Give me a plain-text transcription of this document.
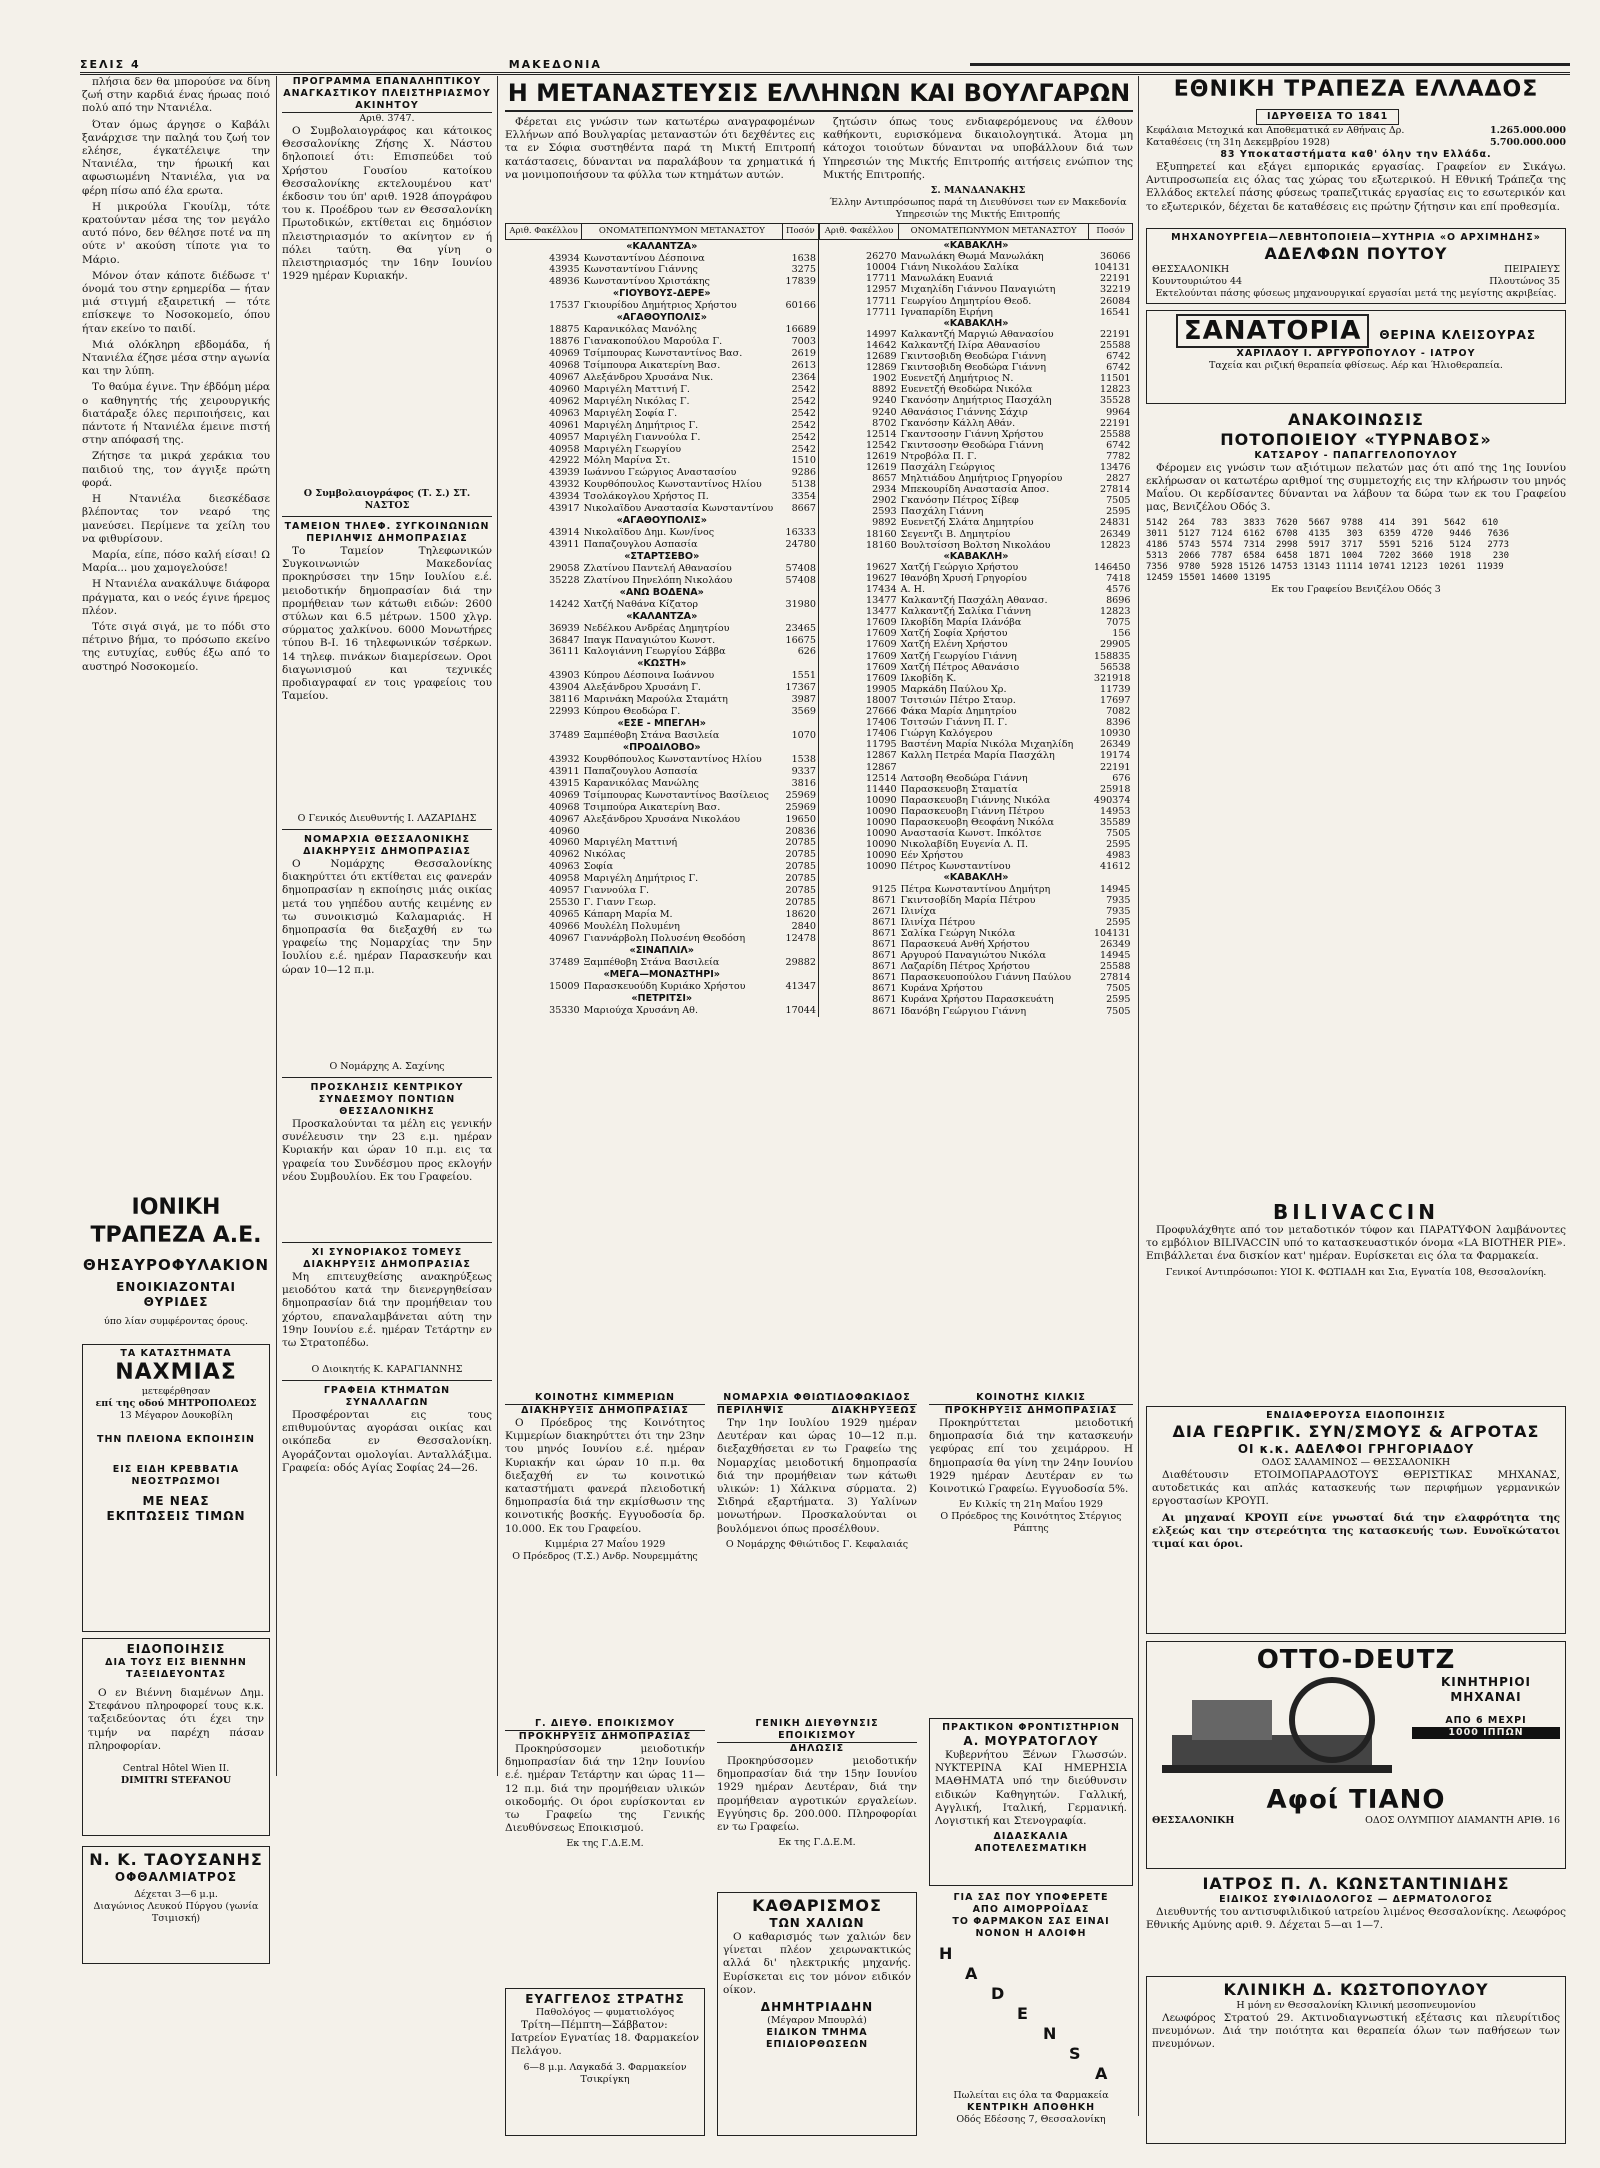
ΣΕΛΙΣ 4	ΜΑΚΕΔΟΝΙΑ

πλήσια δεν θα μπορούσε να δίνη ζωή στην καρδιά ένας ήρωας ποιό πολύ από την Ντανιέλα.

Όταν όμως άργησε ο Καβάλι ξανάρχισε την παληά του ζωή τον ελέησε, έγκατέλειψε την Ντανιέλα, την ήρωική και αφωσιωμένη Ντανιέλα, για να φέρη πίσω από έλα ερωτα.

Η μικρούλα Γκουίλμ, τότε κρατούνταν μέσα της τον μεγάλο αυτό πόνο, δεν θέλησε ποτέ να πη ούτε ν' ακούση τίποτε για το Μάριο.

Μόνον όταν κάποτε διέδωσε τ' όνομά του στην ερημερίδα — ήταν μιά στιγμή εξαιρετική — τότε επίσκεψε το Νοσοκομείο, όπου ήταν εκείνο το παιδί.

Μιά ολόκληρη εβδομάδα, ή Ντανιέλα έζησε μέσα στην αγωνία και την λύπη.

Το θαύμα έγινε. Την έβδόμη μέρα ο καθηγητής τής χειρουργικής διατάραξε όλες περιποιήσεις, και πάντοτε ή Ντανιέλα έμεινε πιστή στην απόφασή της.

Ζήτησε τα μικρά χεράκια του παιδιού της, τον άγγιξε πρώτη φορά.

Η Ντανιέλα διεσκέδασε βλέποντας τον νεαρό της μανεύσει. Περίμενε τα χείλη του να φιθυρίσουν.

Μαρία, είπε, πόσο καλή είσαι! Ω Μαρία... μου χαμογελούσε!

Η Ντανιέλα ανακάλυψε διάφορα πράγματα, και ο νεός έγινε ήρεμος πλέον.

Τότε σιγά σιγά, με το πόδι στο πέτρινο βήμα, το πρόσωπο εκείνο της ευτυχίας, ευθύς έξω από το αυστηρό Νοσοκομείο.

ΙΟΝΙΚΗ ΤΡΑΠΕΖΑ Α.Ε.
ΘΗΣΑΥΡΟΦΥΛΑΚΙΟΝ
ΕΝΟΙΚΙΑΖΟΝΤΑΙ ΘΥΡΙΔΕΣ
ύπο λίαν συμφέροντας όρους.
ΤΑ ΚΑΤΑΣΤΗΜΑΤΑ
ΝΑΧΜΙΑΣ
μετεφέρθησαν
επί της οδού ΜΗΤΡΟΠΟΛΕΩΣ
13 Μέγαρον Δουκοβίλη
ΤΗΝ ΠΛΕΙΟΝΑ ΕΚΠΟΙΗΣΙΝ
ΕΙΣ ΕΙΔΗ ΚΡΕΒΒΑΤΙΑ ΝΕΟΣΤΡΩΣΜΟΙ
ΜΕ ΝΕΑΣ
ΕΚΠΤΩΣΕΙΣ ΤΙΜΩΝ
ΕΙΔΟΠΟΙΗΣΙΣ
ΔΙΑ ΤΟΥΣ ΕΙΣ ΒΙΕΝΝΗΝ ΤΑΞΕΙΔΕΥΟΝΤΑΣ

Ο εν Βιέννη διαμένων Δημ. Στεφάνου πληροφορεί τους κ.κ. ταξειδεύοντας ότι έχει την τιμήν να παρέχη πάσαν πληροφορίαν.

Central Hôtel Wien II.
DIMITRI STEFANOU
Ν. Κ. ΤΑΟΥΣΑΝΗΣ
ΟΦΘΑΛΜΙΑΤΡΟΣ
Δέχεται 3—6 μ.μ.
Διαγώνιος Λευκού Πύργου (γωνία Τσιμισκή)
ΠΡΟΓΡΑΜΜΑ ΕΠΑΝΑΛΗΠΤΙΚΟΥ ΑΝΑΓΚΑΣΤΙΚΟΥ ΠΛΕΙΣΤΗΡΙΑΣΜΟΥ ΑΚΙΝΗΤΟΥ
Αριθ. 3747.

Ο Συμβολαιογράφος και κάτοικος Θεσσαλονίκης Ζήσης Χ. Νάστου δηλοποιεί ότι: Επισπεύδει τού Χρήστου Γουσίου κατοίκου Θεσσαλονίκης εκτελουμένου κατ' έκδοσιν του ύπ' αριθ. 1928 άπογράφου του κ. Προέδρου των εν Θεσσαλονίκη Πρωτοδικών, εκτίθεται εις δημόσιον πλειστηριασμόν το ακίνητον εν ή πόλει ταύτη. Θα γίνη ο πλειστηριασμός την 16ην Ιουνίου 1929 ημέραν Κυριακήν.

Ο Συμβολαιογράφος (Τ. Σ.) ΣΤ. ΝΑΣΤΟΣ
ΤΑΜΕΙΟΝ ΤΗΛΕΦ. ΣΥΓΚΟΙΝΩΝΙΩΝ
ΠΕΡΙΛΗΨΙΣ ΔΗΜΟΠΡΑΣΙΑΣ

Το Ταμείον Τηλεφωνικών Συγκοινωνιών Μακεδονίας προκηρύσσει την 15ην Ιουλίου ε.έ. μειοδοτικήν δημοπρασίαν διά την προμήθειαν των κάτωθι ειδών: 2600 στύλων και 6.5 μέτρων. 1500 χλγρ. σύρματος χαλκίνου. 6000 Μονωτήρες τύπου Β-Ι. 16 τηλεφωνικών τσέρκων. 14 τηλεφ. πινάκων διαμερίσεων. Οροι διαγωνισμού και τεχνικές προδιαγραφαί εν τοις γραφείοις του Ταμείου.

Ο Γενικός Διευθυντής Ι. ΛΑΖΑΡΙΔΗΣ
ΝΟΜΑΡΧΙΑ ΘΕΣΣΑΛΟΝΙΚΗΣ
ΔΙΑΚΗΡΥΞΙΣ ΔΗΜΟΠΡΑΣΙΑΣ

Ο Νομάρχης Θεσσαλονίκης διακηρύττει ότι εκτίθεται εις φανεράν δημοπρασίαν η εκποίησις μιάς οικίας μετά του γηπέδου αυτής κειμένης εν τω συνοικισμώ Καλαμαριάς. Η δημοπρασία θα διεξαχθή εν τω γραφείω της Νομαρχίας την 5ην Ιουλίου ε.έ. ημέραν Παρασκευήν και ώραν 10—12 π.μ.

Ο Νομάρχης Α. Σαχίνης
ΠΡΟΣΚΛΗΣΙΣ ΚΕΝΤΡΙΚΟΥ ΣΥΝΔΕΣΜΟΥ ΠΟΝΤΙΩΝ ΘΕΣΣΑΛΟΝΙΚΗΣ

Προσκαλούνται τα μέλη εις γενικήν συνέλευσιν την 23 ε.μ. ημέραν Κυριακήν και ώραν 10 π.μ. εις τα γραφεία του Συνδέσμου προς εκλογήν νέου Συμβουλίου. Εκ του Γραφείου.

ΧΙ ΣΥΝΟΡΙΑΚΟΣ ΤΟΜΕΥΣ
ΔΙΑΚΗΡΥΞΙΣ ΔΗΜΟΠΡΑΣΙΑΣ

Μη επιτευχθείσης ανακηρύξεως μειοδότου κατά την διενεργηθείσαν δημοπρασίαν διά την προμήθειαν του χόρτου, επαναλαμβάνεται αύτη την 19ην Ιουνίου ε.έ. ημέραν Τετάρτην εν τω Στρατοπέδω.

Ο Διοικητής Κ. ΚΑΡΑΓΙΑΝΝΗΣ
ΓΡΑΦΕΙΑ ΚΤΗΜΑΤΩΝ ΣΥΝΑΛΛΑΓΩΝ

Προσφέρονται εις τους επιθυμούντας αγοράσαι οικίας και οικόπεδα εν Θεσσαλονίκη. Αγοράζονται ομολογίαι. Ανταλλάξιμα. Γραφεία: οδός Αγίας Σοφίας 24—26.

Η ΜΕΤΑΝΑΣΤΕΥΣΙΣ ΕΛΛΗΝΩΝ ΚΑΙ ΒΟΥΛΓΑΡΩΝ

Φέρεται εις γνώσιν των κατωτέρω αναγραφομένων Ελλήνων από Βουλγαρίας μεταναστών ότι δεχθέντες εις τα εν Σόφια συστηθέντα παρά τη Μικτή Επιτροπή κατάστασεις, δύνανται να παραλάβουν τα χρηματικά ή να μονιμοποιήσουν τα φύλλα των κτημάτων αυτών.

ζητώσιν όπως τους ενδιαφερόμενους να έλθουν καθήκοντι, ευρισκόμενα δικαιολογητικά. Άτομα μη κάτοχοι τοιούτων δύνανται να υποβάλλουν διά των Υπηρεσιών της Μικτής Επιτροπής αιτήσεις ενώπιον της Μικτής Επιτροπής.

Σ. ΜΑΝΔΑΝΑΚΗΣ
Έλλην Αντιπρόσωπος παρά τη Διευθύνσει των εν Μακεδονία Υπηρεσιών της Μικτής Επιτροπής
Αριθ. Φακέλλου	ΟΝΟΜΑΤΕΠΩΝΥΜΟΝ ΜΕΤΑΝΑΣΤΟΥ	Ποσόν
«ΚΑΛΑΝΤΖΑ»		
43934	Κωνσταντίνου Δέσποινα	1638
43935	Κωνσταντίνου Γιάννης	3275
48936	Κωνσταντίνου Χριστάκης	17839
«ΓΙΟΥΒΟΥΣ-ΔΕΡΕ»		
17537	Γκιουρίδου Δημήτριος Χρήστου	60166
«ΑΓΑΘΟΥΠΟΛΙΣ»		
18875	Καρανικόλας Μανόλης	16689
18876	Γιανακοπούλου Μαρούλα Γ.	7003
40969	Τσίμπουρας Κωνσταντίνος Βασ.	2619
40968	Τσίμπουρα Αικατερίνη Βασ.	2613
40967	Αλεξάνδρου Χρυσάνα Νικ.	2364
40960	Μαριγέλη Ματτινή Γ.	2542
40962	Μαριγέλη Νικόλας Γ.	2542
40963	Μαριγέλη Σοφία Γ.	2542
40961	Μαριγέλη Δημήτριος Γ.	2542
40957	Μαριγέλη Γιαννούλα Γ.	2542
40958	Μαριγέλη Γεωργίου	2542
42922	Μόλη Μαρίνα Στ.	1510
43939	Ιωάννου Γεώργιος Αναστασίου	9286
43932	Κουρθόπουλος Κωνσταντίνος Ηλίου	5138
43934	Τσολάκογλου Χρήστος Π.	3354
43917	Νικολαΐδου Αναστασία Κωνσταντίνου	8667
«ΑΓΑΘΟΥΠΟΛΙΣ»		
43914	Νικολαΐδου Δημ. Κων/ίνος	16333
43911	Παπαζουγλου Ασπασία	24780
«ΣΤΑΡΤΣΕΒΟ»		
29058	Ζλατίνου Παντελή Αθανασίου	57408
35228	Ζλατίνου Πηνελόπη Νικολάου	57408
«ΑΝΩ ΒΟΔΕΝΑ»		
14242	Χατζή Ναθάνα Κίζατορ	31980
«ΚΑΛΑΝΤΖΑ»		
36939	Νεδέλκου Ανδρέας Δημητρίου	23465
36847	Ιπαγκ Παναγιώτου Κωνστ.	16675
36111	Καλογιάννη Γεωργίου Σάββα	626
«ΚΩΣΤΗ»		
43903	Κύπρου Δέσποινα Ιωάννου	1551
43904	Αλεξάνδρου Χρυσάνη Γ.	17367
38116	Μαρινάκη Μαρούλα Σταμάτη	3987
22993	Κύπρου Θεοδώρα Γ.	3569
«ΕΣΕ - ΜΠΕΓΛΗ»		
37489	Ξαμπέθοβη Στάνα Βασιλεία	1070
«ΠΡΟΔΙΛΟΒΟ»		
43932	Κουρθόπουλος Κωνσταντίνος Ηλίου	1538
43911	Παπαζουγλου Ασπασία	9337
43915	Καρανικόλας Μανώλης	3816
40969	Τσίμπουρας Κωνσταντίνος Βασίλειος	25969
40968	Τσιμπούρα Αικατερίνη Βασ.	25969
40967	Αλεξάνδρου Χρυσάνα Νικολάου	19650
40960		20836
40960	Μαριγέλη Ματτινή	20785
40962	Νικόλας	20785
40963	Σοφία	20785
40958	Μαριγέλη Δημήτριος Γ.	20785
40957	Γιαννούλα Γ.	20785
25530	Γ. Γιανν Γεωρ.	20785
40965	Κάπαρη Μαρία Μ.	18620
40966	Μουλέλη Πολυμένη	2840
40967	Γιαννάρβολη Πολυσένη Θεοδόση	12478
«ΣΙΝΑΠΛΙΛ»		
37489	Ξαμπέθοβη Στάνα Βασιλεία	29882
«ΜΕΓΑ—ΜΟΝΑΣΤΗΡΙ»		
15009	Παρασκευούδη Κυριάκο Χρήστου	41347
«ΠΕΤΡΙΤΣΙ»		
35330	Μαριούχα Χρυσάνη Αθ.	17044
Αριθ. Φακέλλου	ΟΝΟΜΑΤΕΠΩΝΥΜΟΝ ΜΕΤΑΝΑΣΤΟΥ	Ποσόν
«ΚΑΒΑΚΛΗ»		
26270	Μανωλάκη Θωμά Μανωλάκη	36066
10004	Γιάνη Νικολάου Σαλίκα	104131
17711	Μανωλάκη Ευανιά	22191
12957	Μιχαηλίδη Γιάννου Παναγιώτη	32219
17711	Γεωργίου Δημητρίου Θεοδ.	26084
17711	Ιγναπαρίδη Ειρήνη	16541
«ΚΑΒΑΚΛΗ»		
14997	Καλκαντζή Μαργιώ Αθανασίου	22191
14642	Καλκαντζή Ιλίρα Αθανασίου	25588
12689	Γκιντσοβιδη Θεοδώρα Γιάννη	6742
12869	Γκιντσοβιδη Θεοδώρα Γιάννη	6742
1902	Ευενετζή Δημήτριος Ν.	11501
8892	Ευενετζή Θεοδώρα Νικόλα	12823
9240	Γκανόσην Δημήτριος Πασχάλη	35528
9240	Αθανάσιος Γιάννης Σάχιρ	9964
8702	Γκανόσην Κάλλη Αθάν.	22191
12514	Γκαντσοσην Γιάννη Χρήστου	25588
12542	Γκιντσοσην Θεοδώρα Γιάννη	6742
12619	Ντροβόλα Π. Γ.	7782
12619	Πασχάλη Γεώργιος	13476
8657	Μηλτιάδου Δημήτριος Γρηγορίου	2827
2934	Μπεκουρίδη Αναστασία Αποσ.	27814
2902	Γκανόσην Πέτρος Σίβεφ	7505
2593	Πασχάλη Γιάννη	2595
9892	Ευενετζή Σλάτα Δημητρίου	24831
18160	Σεγεντζι Β. Δημητρίου	26349
18160	Βουλτσίσση Βολτση Νικολάου	12823
«ΚΑΒΑΚΛΗ»		
19627	Χατζή Γεώργιο Χρήστου	146450
19627	Ιθανόβη Χρυσή Γρηγορίου	7418
17434	Α. Η.	4576
13477	Καλκαντζή Πασχάλη Αθανασ.	8696
13477	Καλκαντζή Σαλίκα Γιάννη	12823
17609	Ιλκοβίδη Μαρία Ιλάνόβα	7075
17609	Χατζή Σοφία Χρήστου	156
17609	Χατζή Ελένη Χρήστου	29905
17609	Χατζή Γεωργίου Γιάννη	158835
17609	Χατζή Πέτρος Αθανάσιο	56538
17609	Ιλκοβίδη Κ.	321918
19905	Μαρκάδη Παύλου Χρ.	11739
18007	Τσιτσιών Πέτρο Σταυρ.	17697
27666	Φάκα Μαρία Δημητρίου	7082
17406	Τσιτσών Γιάννη Π. Γ.	8396
17406	Γιώργη Καλόγερου	10930
11795	Βαστένη Μαρία Νικόλα Μιχαηλίδη	26349
12867	Καλλη Πετρέα Μαρία Πασχάλη	19174
12867		22191
12514	Λατσοβη Θεοδώρα Γιάννη	676
11440	Παρασκευοβη Σταματία	25918
10090	Παρασκευοβη Γιάννης Νικόλα	490374
10090	Παρασκευοβη Γιάννη Πέτρου	14953
10090	Παρασκευοβη Θεοφάνη Νικόλα	35589
10090	Αναστασία Κωνστ. Ιπκόλτσε	7505
10090	Νικολαβίδη Ευγενία Λ. Π.	2595
10090	Εέν Χρήστου	4983
10090	Πέτρος Κωνσταντίνου	41612
«ΚΑΒΑΚΛΗ»		
9125	Πέτρα Κωνσταντίνου Δημήτρη	14945
8671	Γκιντσοβίδη Μαρία Πέτρου	7935
2671	Ιλινίχα	7935
8671	Ιλινίχα Πέτρου	2595
8671	Σαλίκα Γεώργη Νικόλα	104131
8671	Παρασκευά Ανθή Χρήστου	26349
8671	Αργυρού Παναγιώτου Νικόλα	14945
8671	Λαζαρίδη Πέτρος Χρήστου	25588
8671	Παρασκευοπούλου Γιάννη Παύλου	27814
8671	Κυράνα Χρήστου	7505
8671	Κυράνα Χρήστου Παρασκευάτη	2595
8671	Ιδανόβη Γεώργιου Γιάννη	7505
ΚΟΙΝΟΤΗΣ ΚΙΜΜΕΡΙΩΝ
ΔΙΑΚΗΡΥΞΙΣ ΔΗΜΟΠΡΑΣΙΑΣ

Ο Πρόεδρος της Κοινότητος Κιμμερίων διακηρύττει ότι την 23ην του μηνός Ιουνίου ε.έ. ημέραν Κυριακήν και ώραν 10 π.μ. θα διεξαχθή εν τω κοινοτικώ καταστήματι φανερά πλειοδοτική δημοπρασία διά την εκμίσθωσιν της κοινοτικής βοσκής. Εγγυοδοσία δρ. 10.000. Εκ του Γραφείου.

Κιμμέρια 27 Μαΐου 1929
Ο Πρόεδρος (Τ.Σ.) Ανδρ. Νουρεμμάτης
ΝΟΜΑΡΧΙΑ ΦΘΙΩΤΙΔΟΦΩΚΙΔΟΣ
ΠΕΡΙΛΗΨΙΣ	ΔΙΑΚΗΡΥΞΕΩΣ

Την 1ην Ιουλίου 1929 ημέραν Δευτέραν και ώρας 10—12 π.μ. διεξαχθήσεται εν τω Γραφείω της Νομαρχίας μειοδοτική δημοπρασία διά την προμήθειαν των κάτωθι υλικών: 1) Χάλκινα σύρματα. 2) Σιδηρά εξαρτήματα. 3) Υαλίνων μονωτήρων. Προσκαλούνται οι βουλόμενοι όπως προσέλθουν.

Ο Νομάρχης Φθιώτιδος Γ. Κεφαλαιάς
ΚΟΙΝΟΤΗΣ ΚΙΛΚΙΣ
ΠΡΟΚΗΡΥΞΙΣ ΔΗΜΟΠΡΑΣΙΑΣ

Προκηρύττεται μειοδοτική δημοπρασία διά την κατασκευήν γεφύρας επί του χειμάρρου. Η δημοπρασία θα γίνη την 24ην Ιουνίου 1929 ημέραν Δευτέραν εν τω Κοινοτικώ Γραφείω. Εγγυοδοσία 5%.

Εν Κιλκίς τη 21η Μαΐου 1929
Ο Πρόεδρος της Κοινότητος Στέργιος Ράπτης
Γ. ΔΙΕΥΘ. ΕΠΟΙΚΙΣΜΟΥ
ΠΡΟΚΗΡΥΞΙΣ ΔΗΜΟΠΡΑΣΙΑΣ

Προκηρύσσομεν μειοδοτικήν δημοπρασίαν διά την 12ην Ιουνίου ε.έ. ημέραν Τετάρτην και ώρας 11—12 π.μ. διά την προμήθειαν υλικών οικοδομής. Οι όροι ευρίσκονται εν τω Γραφείω της Γενικής Διευθύνσεως Εποικισμού.

Εκ της Γ.Δ.Ε.Μ.
ΓΕΝΙΚΗ ΔΙΕΥΘΥΝΣΙΣ ΕΠΟΙΚΙΣΜΟΥ
ΔΗΛΩΣΙΣ

Προκηρύσσομεν μειοδοτικήν δημοπρασίαν διά την 15ην Ιουνίου 1929 ημέραν Δευτέραν, διά την προμήθειαν αγροτικών εργαλείων. Εγγύησις δρ. 200.000. Πληροφορίαι εν τω Γραφείω.

Εκ της Γ.Δ.Ε.Μ.
ΠΡΑΚΤΙΚΟΝ ΦΡΟΝΤΙΣΤΗΡΙΟΝ
Α. ΜΟΥΡΑΤΟΓΛΟΥ

Κυβερνήτου Ξένων Γλωσσών. ΝΥΚΤΕΡΙΝΑ ΚΑΙ ΗΜΕΡΗΣΙΑ ΜΑΘΗΜΑΤΑ υπό την διεύθυνσιν ειδικών Καθηγητών. Γαλλική, Αγγλική, Ιταλική, Γερμανική. Λογιστική και Στενογραφία.

ΔΙΔΑΣΚΑΛΙΑ ΑΠΟΤΕΛΕΣΜΑΤΙΚΗ
ΕΥΑΓΓΕΛΟΣ ΣΤΡΑΤΗΣ
Παθολόγος — φυματιολόγος

Τρίτη—Πέμπτη—Σάββατον: Ιατρείον Εγνατίας 18. Φαρμακείον Πελάγου.

6—8 μ.μ. Λαγκαδά 3. Φαρμακείον Τσικρίγκη
ΚΑΘΑΡΙΣΜΟΣ
ΤΩΝ ΧΑΛΙΩΝ

Ο καθαρισμός των χαλιών δεν γίνεται πλέον χειρωνακτικώς αλλά δι' ηλεκτρικής μηχανής. Ευρίσκεται εις τον μόνον ειδικόν οίκον.

ΔΗΜΗΤΡΙΑΔΗΝ
(Μέγαρον Μπουρλά)
ΕΙΔΙΚΟΝ ΤΜΗΜΑ ΕΠΙΔΙΟΡΘΩΣΕΩΝ
ΓΙΑ ΣΑΣ ΠΟΥ ΥΠΟΦΕΡΕΤΕ
ΑΠΟ ΑΙΜΟΡΡΟΪΔΑΣ
ΤΟ ΦΑΡΜΑΚΟΝ ΣΑΣ ΕΙΝΑΙ
ΝΟΝΟΝ Η ΑΛΟΙΦΗ
H
A
D
E
N
S
A
Πωλείται εις όλα τα Φαρμακεία
ΚΕΝΤΡΙΚΗ ΑΠΟΘΗΚΗ
Οδός Εδέσσης 7, Θεσσαλονίκη
ΕΘΝΙΚΗ ΤΡΑΠΕΖΑ ΕΛΛΑΔΟΣ
ΙΔΡΥΘΕΙΣΑ ΤΟ 1841
Κεφάλαια Μετοχικά και Αποθεματικά εν Αθήναις Δρ.	1.265.000.000
Καταθέσεις (τη 31η Δεκεμβρίου 1928)	5.700.000.000
83 Υποκαταστήματα καθ' όλην την Ελλάδα.

Εξυπηρετεί και εξάγει εμπορικάς εργασίας. Γραφείον εν Σικάγω. Αντιπροσωπεία εις όλας τας χώρας του εξωτερικού. Η Εθνική Τράπεζα της Ελλάδος εκτελεί πάσης φύσεως τραπεζιτικάς εργασίας εις το εσωτερικόν και το εξωτερικόν, δέχεται δε καταθέσεις εις πρώτην ζήτησιν και επί προθεσμία.

ΜΗΧΑΝΟΥΡΓΕΙΑ—ΛΕΒΗΤΟΠΟΙΕΙΑ—ΧΥΤΗΡΙΑ «Ο ΑΡΧΙΜΗΔΗΣ»
ΑΔΕΛΦΩΝ ΠΟΥΤΟΥ
ΘΕΣΣΑΛΟΝΙΚΗ	ΠΕΙΡΑΙΕΥΣ
Κουντουριώτου 44	Πλουτώνος 35
Εκτελούνται πάσης φύσεως μηχανουργικαί εργασίαι μετά της μεγίστης ακριβείας.
ΣΑΝΑΤΟΡΙΑ	ΘΕΡΙΝΑ ΚΛΕΙΣΟΥΡΑΣ
ΧΑΡΙΛΑΟΥ Ι. ΑΡΓΥΡΟΠΟΥΛΟΥ - ΙΑΤΡΟΥ
Ταχεία και ριζική θεραπεία φθίσεως. Αέρ και Ήλιοθεραπεία.
ΑΝΑΚΟΙΝΩΣΙΣ
ΠΟΤΟΠΟΙΕΙΟΥ «ΤΥΡΝΑΒΟΣ»
ΚΑΤΣΑΡΟΥ - ΠΑΠΑΓΓΕΛΟΠΟΥΛΟΥ

Φέρομεν εις γνώσιν των αξιότιμων πελατών μας ότι από της 1ης Ιουνίου εκλήρωσαν οι κατωτέρω αριθμοί της συμμετοχής εις την κλήρωσιν του μηνός Μαΐου. Οι κερδίσαντες δύνανται να λάβουν τα δώρα των εκ του Γραφείου μας, Βενιζέλου Οδός 3.

5142  264   783   3833  7620  5667  9788   414   391   5642   610
3011  5127  7124  6162  6708  4135   303   6359  4720   9446   7636
4186  5743  5574  7314  2998  5917  3717   5591  5216   5124   2773
5313  2066  7787  6584  6458  1871  1004   7202  3660   1918    230
7356  9780  5928 15126 14753 13143 11114 10741 12123  10261  11939
12459 15501 14600 13195
Εκ του Γραφείου Βενιζέλου Οδός 3
BILIVACCIN

Προφυλάχθητε από τον μεταδοτικόν τύφον και ΠΑΡΑΤΥΦΟΝ λαμβάνοντες το εμβόλιον BILIVACCIN υπό το κατασκευαστικόν όνομα «LA BIOTHER PIE». Επιβάλλεται ένα δισκίον κατ' ημέραν. Ευρίσκεται εις όλα τα Φαρμακεία.

Γενικοί Αντιπρόσωποι: ΥΙΟΙ Κ. ΦΩΤΙΑΔΗ και Σια, Εγνατία 108, Θεσσαλονίκη.
ΕΝΔΙΑΦΕΡΟΥΣΑ ΕΙΔΟΠΟΙΗΣΙΣ
ΔΙΑ ΓΕΩΡΓΙΚ. ΣΥΝ/ΣΜΟΥΣ & ΑΓΡΟΤΑΣ
ΟΙ κ.κ. ΑΔΕΛΦΟΙ ΓΡΗΓΟΡΙΑΔΟΥ
ΟΔΟΣ ΣΑΛΑΜΙΝΟΣ — ΘΕΣΣΑΛΟΝΙΚΗ

Διαθέτουσιν ΕΤΟΙΜΟΠΑΡΑΔΟΤΟΥΣ ΘΕΡΙΣΤΙΚΑΣ ΜΗΧΑΝΑΣ, αυτοδετικάς και απλάς κατασκευής των περιφήμων γερμανικών εργοστασίων ΚΡΟΥΠ.

Αι μηχαναί ΚΡΟΥΠ είνε γνωσταί διά την ελαφρότητα της ελξεώς και την στερεότητα της κατασκευής των. Ευνοϊκώτατοι τιμαί και όροι.

OTTO-DEUTZ
ΚΙΝΗΤΗΡΙΟΙ
ΜΗΧΑΝΑΙ
ΑΠΟ 6 ΜΕΧΡΙ
1000 ΙΠΠΩΝ
Αφοί ΤΙΑΝΟ
ΘΕΣΣΑΛΟΝΙΚΗ	ΟΔΟΣ ΟΛΥΜΠΙΟΥ ΔΙΑΜΑΝΤΗ ΑΡΙΘ. 16
ΙΑΤΡΟΣ Π. Λ. ΚΩΝΣΤΑΝΤΙΝΙΔΗΣ
ΕΙΔΙΚΟΣ ΣΥΦΙΛΙΔΟΛΟΓΟΣ — ΔΕΡΜΑΤΟΛΟΓΟΣ

Διευθυντής του αντισυφιλιδικού ιατρείου λιμένος Θεσσαλονίκης. Λεωφόρος Εθνικής Αμύνης αριθ. 9. Δέχεται 5—αι 1—7.

ΚΛΙΝΙΚΗ Δ. ΚΩΣΤΟΠΟΥΛΟΥ
Η μόνη εν Θεσσαλονίκη Κλινική μεσοπνευμονίου

Λεωφόρος Στρατού 29. Ακτινοδιαγνωστική εξέτασις και πλευρίτιδος πνευμόνων. Διά την ποιότητα και θεραπεία όλων των παθήσεων των πνευμόνων.
